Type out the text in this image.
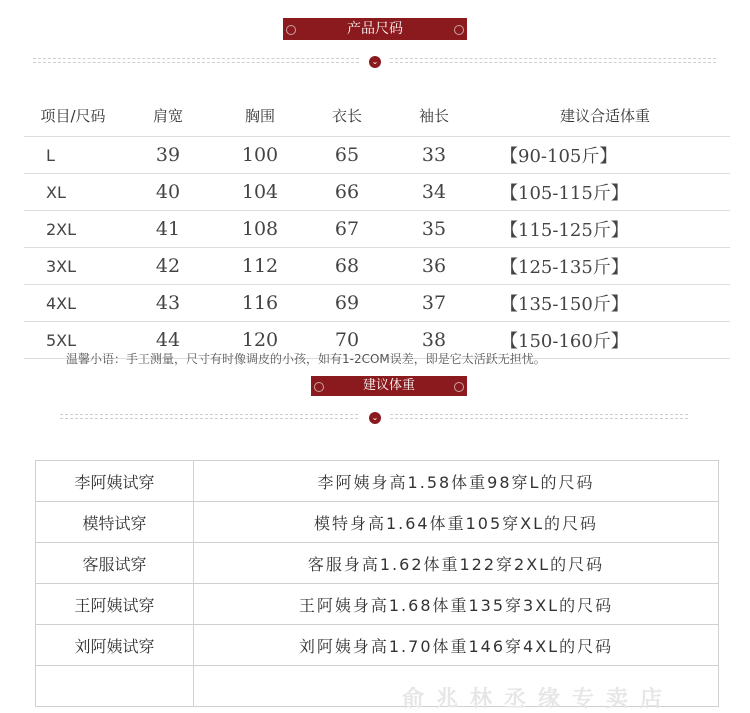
产品尺码
⌄
项目/尺码	肩宽	胸围	衣长	袖长	建议合适体重
L	39	100	65	33	【90-105斤】
XL	40	104	66	34	【105-115斤】
2XL	41	108	67	35	【115-125斤】
3XL	42	112	68	36	【125-135斤】
4XL	43	116	69	37	【135-150斤】
5XL	44	120	70	38	【150-160斤】
温馨小语：手工测量，尺寸有时像调皮的小孩，如有1-2COM误差，即是它太活跃无担忧。
建议体重
⌄
李阿姨试穿	李阿姨身高1.58体重98穿L的尺码
模特试穿	模特身高1.64体重105穿XL的尺码
客服试穿	客服身高1.62体重122穿2XL的尺码
王阿姨试穿	王阿姨身高1.68体重135穿3XL的尺码
刘阿姨试穿	刘阿姨身高1.70体重146穿4XL的尺码

俞兆林丞缘专卖店
